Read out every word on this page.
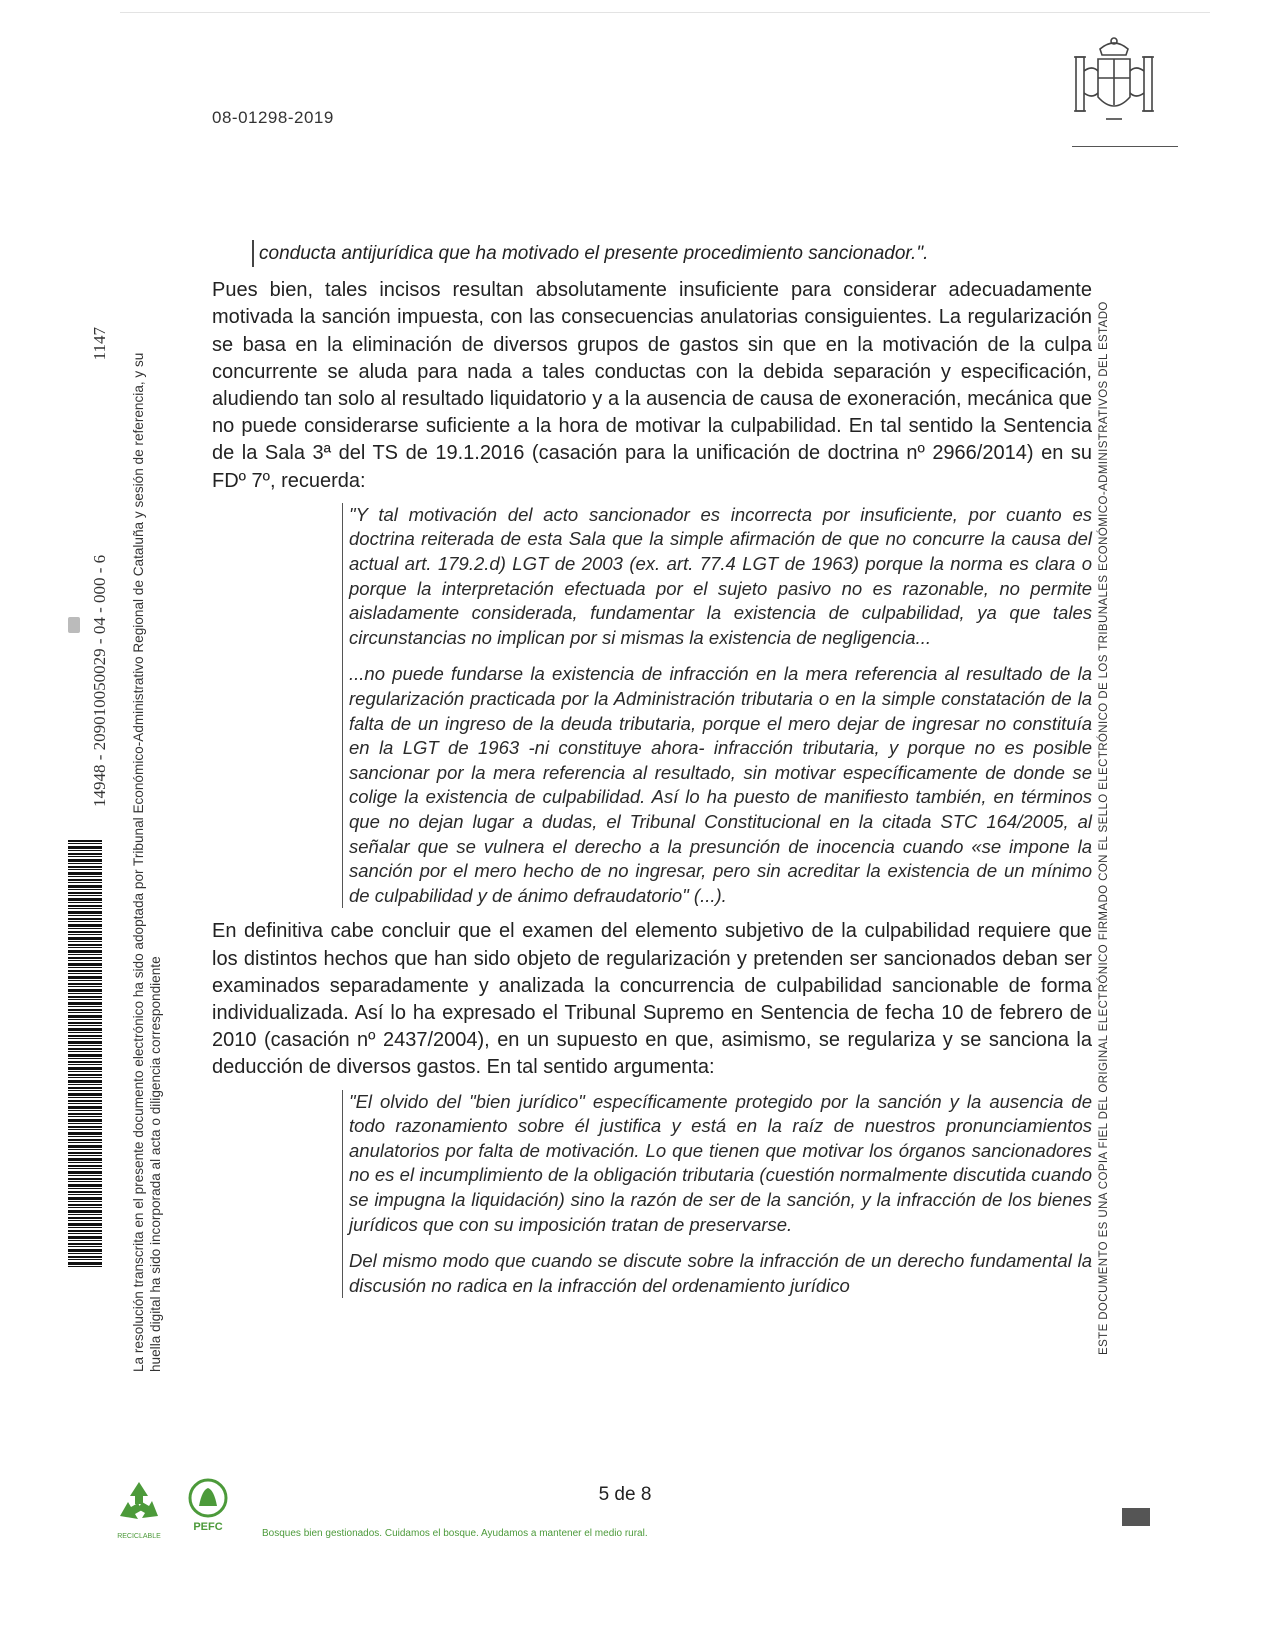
08-01298-2019
conducta antijurídica que ha motivado el presente procedimiento sancionador.".

Pues bien, tales incisos resultan absolutamente insuficiente para considerar adecuadamente motivada la sanción impuesta, con las consecuencias anulatorias consiguientes. La regularización se basa en la eliminación de diversos grupos de gastos sin que en la motivación de la culpa concurrente se aluda para nada a tales conductas con la debida separación y especificación, aludiendo tan solo al resultado liquidatorio y a la ausencia de causa de exoneración, mecánica que no puede considerarse suficiente a la hora de motivar la culpabilidad. En tal sentido la Sentencia de la Sala 3ª del TS de 19.1.2016 (casación para la unificación de doctrina nº 2966/2014) en su FDº 7º, recuerda:

"Y tal motivación del acto sancionador es incorrecta por insuficiente, por cuanto es doctrina reiterada de esta Sala que la simple afirmación de que no concurre la causa del actual art. 179.2.d) LGT de 2003 (ex. art. 77.4 LGT de 1963) porque la norma es clara o porque la interpretación efectuada por el sujeto pasivo no es razonable, no permite aisladamente considerada, fundamentar la existencia de culpabilidad, ya que tales circunstancias no implican por si mismas la existencia de negligencia...

...no puede fundarse la existencia de infracción en la mera referencia al resultado de la regularización practicada por la Administración tributaria o en la simple constatación de la falta de un ingreso de la deuda tributaria, porque el mero dejar de ingresar no constituía en la LGT de 1963 -ni constituye ahora- infracción tributaria, y porque no es posible sancionar por la mera referencia al resultado, sin motivar específicamente de donde se colige la existencia de culpabilidad. Así lo ha puesto de manifiesto también, en términos que no dejan lugar a dudas, el Tribunal Constitucional en la citada STC 164/2005, al señalar que se vulnera el derecho a la presunción de inocencia cuando «se impone la sanción por el mero hecho de no ingresar, pero sin acreditar la existencia de un mínimo de culpabilidad y de ánimo defraudatorio" (...).

En definitiva cabe concluir que el examen del elemento subjetivo de la culpabilidad requiere que los distintos hechos que han sido objeto de regularización y pretenden ser sancionados deban ser examinados separadamente y analizada la concurrencia de culpabilidad sancionable de forma individualizada. Así lo ha expresado el Tribunal Supremo en Sentencia de fecha 10 de febrero de 2010 (casación nº 2437/2004), en un supuesto en que, asimismo, se regulariza y se sanciona la deducción de diversos gastos. En tal sentido argumenta:

"El olvido del "bien jurídico" específicamente protegido por la sanción y la ausencia de todo razonamiento sobre él justifica y está en la raíz de nuestros pronunciamientos anulatorios por falta de motivación. Lo que tienen que motivar los órganos sancionadores no es el incumplimiento de la obligación tributaria (cuestión normalmente discutida cuando se impugna la liquidación) sino la razón de ser de la sanción, y la infracción de los bienes jurídicos que con su imposición tratan de preservarse.

Del mismo modo que cuando se discute sobre la infracción de un derecho fundamental la discusión no radica en la infracción del ordenamiento jurídico

14948 - 209010050029 - 04 - 000 - 6
1147
La resolución transcrita en el presente documento electrónico ha sido adoptada por Tribunal Económico-Administrativo Regional de Cataluña y sesión de referencia, y su huella digital ha sido incorporada al acta o diligencia correspondiente	ESTE DOCUMENTO ES UNA COPIA FIEL DEL ORIGINAL ELECTRÓNICO FIRMADO CON EL SELLO ELECTRÓNICO DE LOS TRIBUNALES ECONÓMICO-ADMINISTRATIVOS DEL ESTADO
RECICLABLE
PEFC
Bosques bien gestionados. Cuidamos el bosque. Ayudamos a mantener el medio rural.
5 de 8
